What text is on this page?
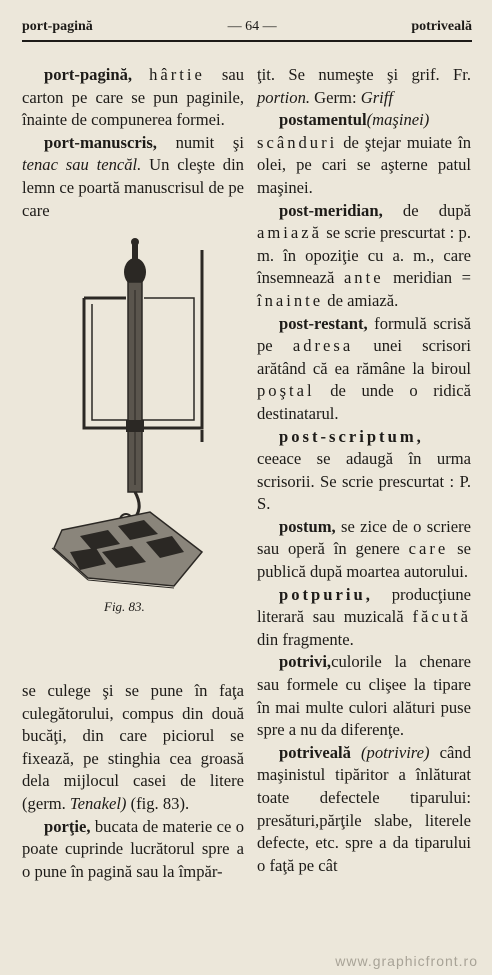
port-pagină	— 64 —	potriveală

port-pagină, hârtie sau carton pe care se pun paginile, înainte de compunerea formei.

port-manuscris, numit şi tenac sau tencăl. Un cleşte din lemn ce poartă manuscrisul de pe care

Fig. 83.

se culege şi se pune în faţa culegătorului, compus din două bucăţi, din care piciorul se fixează, pe stinghia cea groasă dela mijlocul casei de litere (germ. Tenakel) (fig. 83).

porţie, bucata de materie ce o poate cuprinde lucrătorul spre a o pune în pagină sau la împăr-

ţit. Se numeşte şi grif. Fr. portion. Germ: Griff

postamentul(maşinei) scânduri de ştejar muiate în olei, pe cari se aşterne patul maşinei.

post-meridian, de după amiază se scrie prescurtat : p. m. în opoziţie cu a. m., care însemnează ante meridian = înainte de amiază.

post-restant, formulă scrisă pe adresa unei scrisori arătând că ea rămâne la biroul poştal de unde o ridică destinatarul.

post-scriptum, ceeace se adaugă în urma scrisorii. Se scrie prescurtat : P. S.

postum, se zice de o scriere sau operă în genere care se publică după moartea autorului.

potpuriu, producţiune literară sau muzicală făcută din fragmente.

potrivi,culorile la chenare sau formele cu clişee la tipare în mai multe culori alături puse spre a nu da diferenţe.

potriveală (potrivire) când maşinistul tipăritor a înlăturat toate defectele tiparului: presături,părţile slabe, literele defecte, etc. spre a da tiparului o faţă pe cât

www.graphicfront.ro
